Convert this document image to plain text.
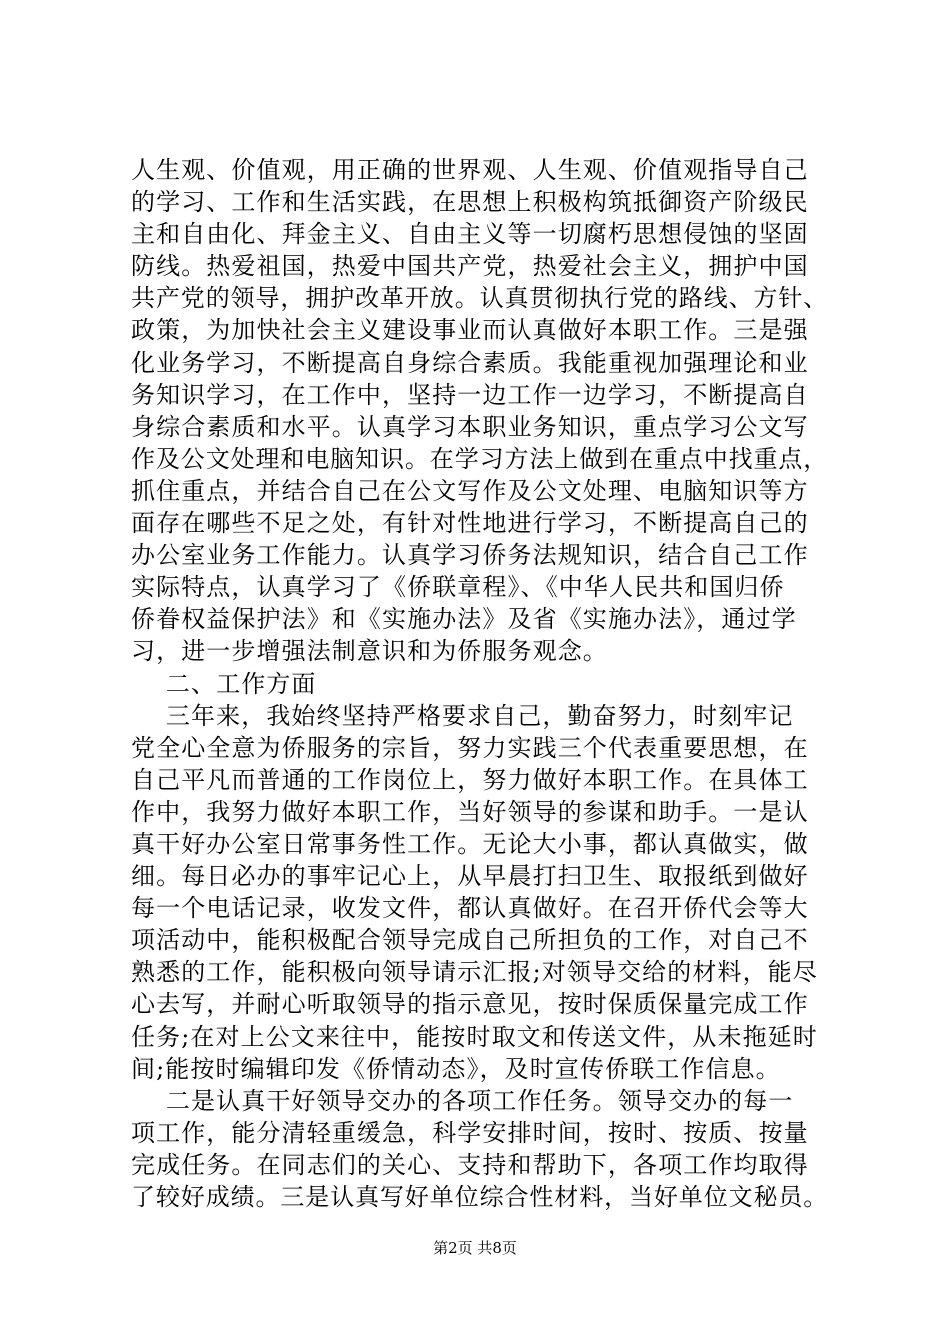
人生观、价值观，用正确的世界观、人生观、价值观指导自己
的学习、工作和生活实践，在思想上积极构筑抵御资产阶级民
主和自由化、拜金主义、自由主义等一切腐朽思想侵蚀的坚固
防线。热爱祖国，热爱中国共产党，热爱社会主义，拥护中国
共产党的领导，拥护改革开放。认真贯彻执行党的路线、方针、
政策，为加快社会主义建设事业而认真做好本职工作。三是强
化业务学习，不断提高自身综合素质。我能重视加强理论和业
务知识学习，在工作中，坚持一边工作一边学习，不断提高自
身综合素质和水平。认真学习本职业务知识，重点学习公文写
作及公文处理和电脑知识。在学习方法上做到在重点中找重点，
抓住重点，并结合自己在公文写作及公文处理、电脑知识等方
面存在哪些不足之处，有针对性地进行学习，不断提高自己的
办公室业务工作能力。认真学习侨务法规知识，结合自己工作
实际特点，认真学习了《侨联章程》、《中华人民共和国归侨
侨眷权益保护法》和《实施办法》及省《实施办法》，通过学
习，进一步增强法制意识和为侨服务观念。
二、工作方面
三年来，我始终坚持严格要求自己，勤奋努力，时刻牢记
党全心全意为侨服务的宗旨，努力实践三个代表重要思想，在
自己平凡而普通的工作岗位上，努力做好本职工作。在具体工
作中，我努力做好本职工作，当好领导的参谋和助手。一是认
真干好办公室日常事务性工作。无论大小事，都认真做实，做
细。每日必办的事牢记心上，从早晨打扫卫生、取报纸到做好
每一个电话记录，收发文件，都认真做好。在召开侨代会等大
项活动中，能积极配合领导完成自己所担负的工作，对自己不
熟悉的工作，能积极向领导请示汇报;对领导交给的材料，能尽
心去写，并耐心听取领导的指示意见，按时保质保量完成工作
任务;在对上公文来往中，能按时取文和传送文件，从未拖延时
间;能按时编辑印发《侨情动态》，及时宣传侨联工作信息。
二是认真干好领导交办的各项工作任务。领导交办的每一
项工作，能分清轻重缓急，科学安排时间，按时、按质、按量
完成任务。在同志们的关心、支持和帮助下，各项工作均取得
了较好成绩。三是认真写好单位综合性材料，当好单位文秘员。
第2页 共8页
